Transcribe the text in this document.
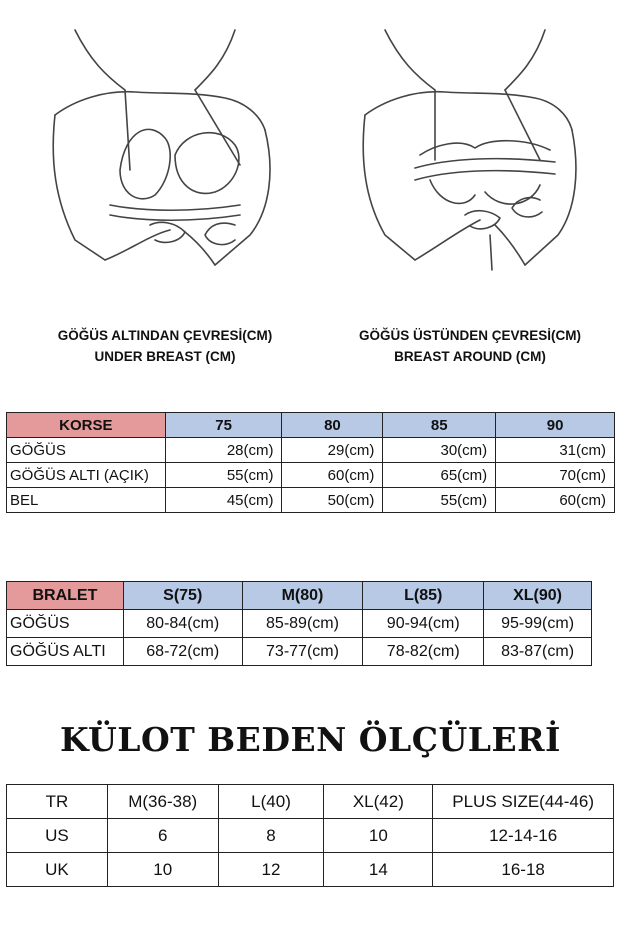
GÖĞÜS ALTINDAN ÇEVRESİ(CM)
UNDER BREAST (CM)
GÖĞÜS ÜSTÜNDEN ÇEVRESİ(CM)
BREAST AROUND (CM)
KORSE	75	80	85	90
GÖĞÜS	28(cm)	29(cm)	30(cm)	31(cm)
GÖĞÜS ALTI (AÇIK)	55(cm)	60(cm)	65(cm)	70(cm)
BEL	45(cm)	50(cm)	55(cm)	60(cm)
BRALET	S(75)	M(80)	L(85)	XL(90)
GÖĞÜS	80-84(cm)	85-89(cm)	90-94(cm)	95-99(cm)
GÖĞÜS ALTI	68-72(cm)	73-77(cm)	78-82(cm)	83-87(cm)
KÜLOT BEDEN ÖLÇÜLERİ
TR	M(36-38)	L(40)	XL(42)	PLUS SIZE(44-46)
US	6	8	10	12-14-16
UK	10	12	14	16-18
